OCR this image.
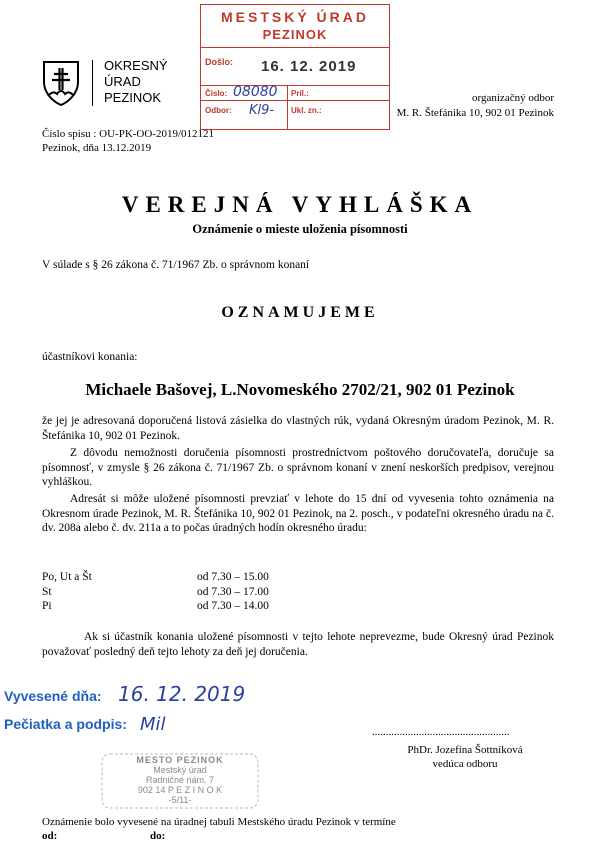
MESTSKÝ ÚRAD
PEZINOK
Došlo: 16. 12. 2019
Číslo: 08080 Príl.:
Odbor: Kl9- Ukl. zn.:
OKRESNÝ
ÚRAD
PEZINOK	organizačný odbor
M. R. Štefánika 10, 902 01 Pezinok
Číslo spisu : OU-PK-OO-2019/012121
Pezinok, dňa 13.12.2019
VEREJNÁ VYHLÁŠKA
Oznámenie o mieste uloženia písomnosti
V súlade s § 26 zákona č. 71/1967 Zb. o správnom konaní
OZNAMUJEME
účastníkovi konania:
Michaele Bašovej, L.Novomeského 2702/21, 902 01 Pezinok
že jej je adresovaná doporučená listová zásielka do vlastných rúk, vydaná Okresným úradom Pezinok, M. R. Štefánika 10, 902 01 Pezinok.
Z dôvodu nemožnosti doručenia písomnosti prostredníctvom poštového doručovateľa, doručuje sa písomnosť, v zmysle § 26 zákona č. 71/1967 Zb. o správnom konaní v znení neskorších predpisov, verejnou vyhláškou.
Adresát si môže uložené písomnosti prevziať v lehote do 15 dní od vyvesenia tohto oznámenia na Okresnom úrade Pezinok, M. R. Štefánika 10, 902 01 Pezinok, na 2. posch., v podateľni okresného úradu na č. dv. 208a alebo č. dv. 211a a to počas úradných hodín okresného úradu:
Po, Ut a Št	od 7.30 – 15.00
St	od 7.30 – 17.00
Pi	od 7.30 – 14.00
Ak si účastník konania uložené písomnosti v tejto lehote neprevezme, bude Okresný úrad Pezinok považovať posledný deň tejto lehoty za deň jej doručenia.
Vyvesené dňa: 16. 12. 2019
Pečiatka a podpis: Mil	..................................................
PhDr. Jozefína Šottníková
vedúca odboru
MESTO PEZINOK
Mestský úrad
Radničné nám. 7
902 14 P E Z I N O K
-5/11-
Oznámenie bolo vyvesené na úradnej tabuli Mestského úradu Pezinok v termíne
od:	do:
